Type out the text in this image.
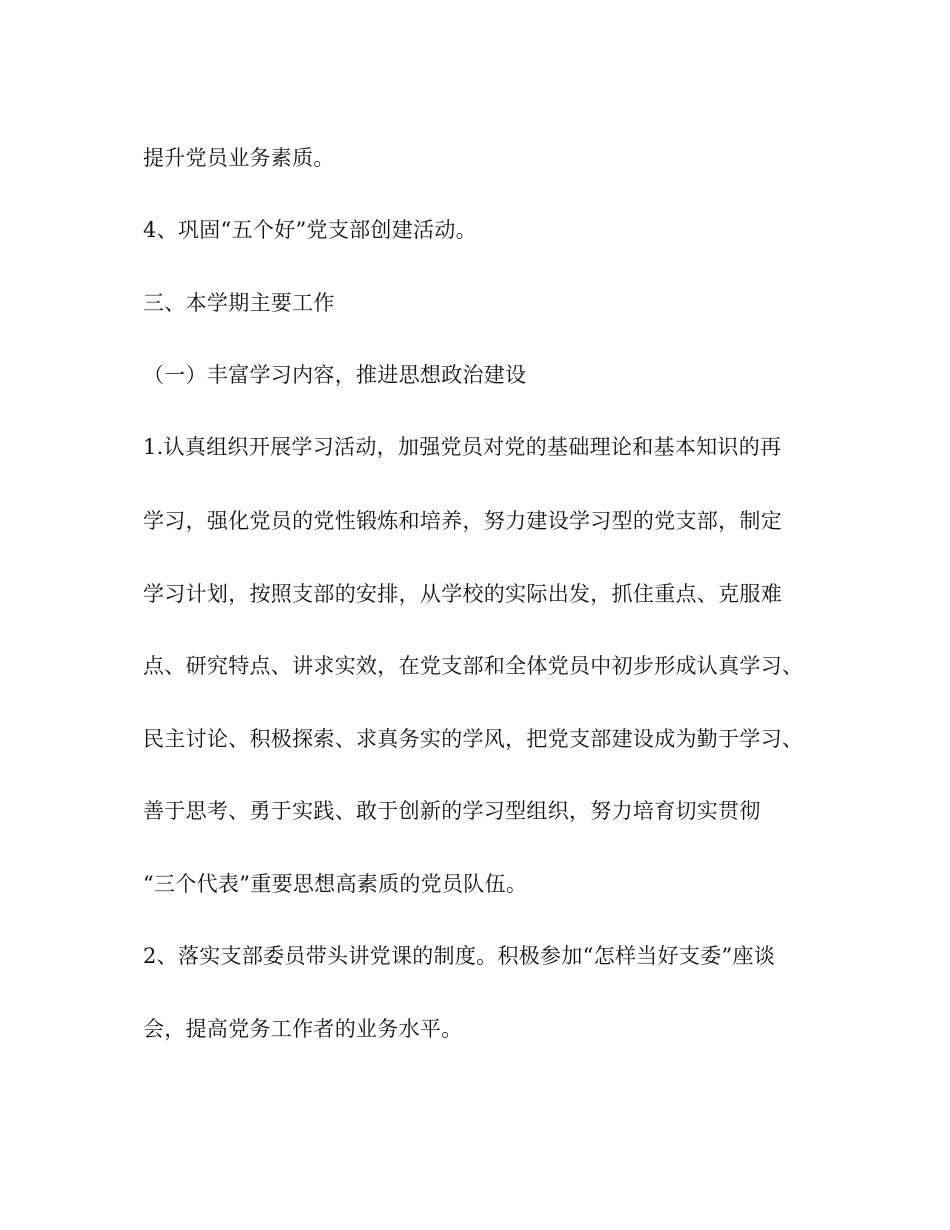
提升党员业务素质。
4、巩固“五个好”党支部创建活动。
三、本学期主要工作
（一）丰富学习内容，推进思想政治建设
1.认真组织开展学习活动，加强党员对党的基础理论和基本知识的再
学习，强化党员的党性锻炼和培养，努力建设学习型的党支部，制定
学习计划，按照支部的安排，从学校的实际出发，抓住重点、克服难
点、研究特点、讲求实效，在党支部和全体党员中初步形成认真学习、
民主讨论、积极探索、求真务实的学风，把党支部建设成为勤于学习、
善于思考、勇于实践、敢于创新的学习型组织，努力培育切实贯彻
“三个代表”重要思想高素质的党员队伍。
2、落实支部委员带头讲党课的制度。积极参加“怎样当好支委”座谈
会，提高党务工作者的业务水平。
